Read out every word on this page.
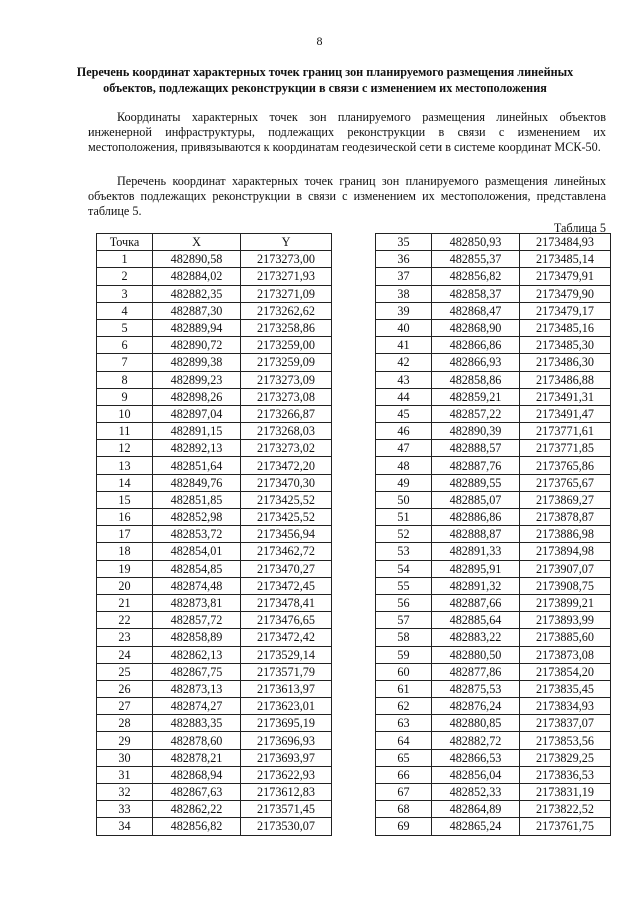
8
Перечень координат характерных точек границ зон планируемого размещения линейных объектов, подлежащих реконструкции в связи с изменением их местоположения
Координаты характерных точек зон планируемого размещения линейных объектов инженерной инфраструктуры, подлежащих реконструкции в связи с изменением их местоположения, привязываются к координатам геодезической сети в системе координат МСК-50.
Перечень координат характерных точек границ зон планируемого размещения линейных объектов подлежащих реконструкции в связи с изменением их местоположения, представлена таблице 5.
Таблица 5
Точка	X	Y
1	482890,58	2173273,00
2	482884,02	2173271,93
3	482882,35	2173271,09
4	482887,30	2173262,62
5	482889,94	2173258,86
6	482890,72	2173259,00
7	482899,38	2173259,09
8	482899,23	2173273,09
9	482898,26	2173273,08
10	482897,04	2173266,87
11	482891,15	2173268,03
12	482892,13	2173273,02
13	482851,64	2173472,20
14	482849,76	2173470,30
15	482851,85	2173425,52
16	482852,98	2173425,52
17	482853,72	2173456,94
18	482854,01	2173462,72
19	482854,85	2173470,27
20	482874,48	2173472,45
21	482873,81	2173478,41
22	482857,72	2173476,65
23	482858,89	2173472,42
24	482862,13	2173529,14
25	482867,75	2173571,79
26	482873,13	2173613,97
27	482874,27	2173623,01
28	482883,35	2173695,19
29	482878,60	2173696,93
30	482878,21	2173693,97
31	482868,94	2173622,93
32	482867,63	2173612,83
33	482862,22	2173571,45
34	482856,82	2173530,07
35	482850,93	2173484,93
36	482855,37	2173485,14
37	482856,82	2173479,91
38	482858,37	2173479,90
39	482868,47	2173479,17
40	482868,90	2173485,16
41	482866,86	2173485,30
42	482866,93	2173486,30
43	482858,86	2173486,88
44	482859,21	2173491,31
45	482857,22	2173491,47
46	482890,39	2173771,61
47	482888,57	2173771,85
48	482887,76	2173765,86
49	482889,55	2173765,67
50	482885,07	2173869,27
51	482886,86	2173878,87
52	482888,87	2173886,98
53	482891,33	2173894,98
54	482895,91	2173907,07
55	482891,32	2173908,75
56	482887,66	2173899,21
57	482885,64	2173893,99
58	482883,22	2173885,60
59	482880,50	2173873,08
60	482877,86	2173854,20
61	482875,53	2173835,45
62	482876,24	2173834,93
63	482880,85	2173837,07
64	482882,72	2173853,56
65	482866,53	2173829,25
66	482856,04	2173836,53
67	482852,33	2173831,19
68	482864,89	2173822,52
69	482865,24	2173761,75
